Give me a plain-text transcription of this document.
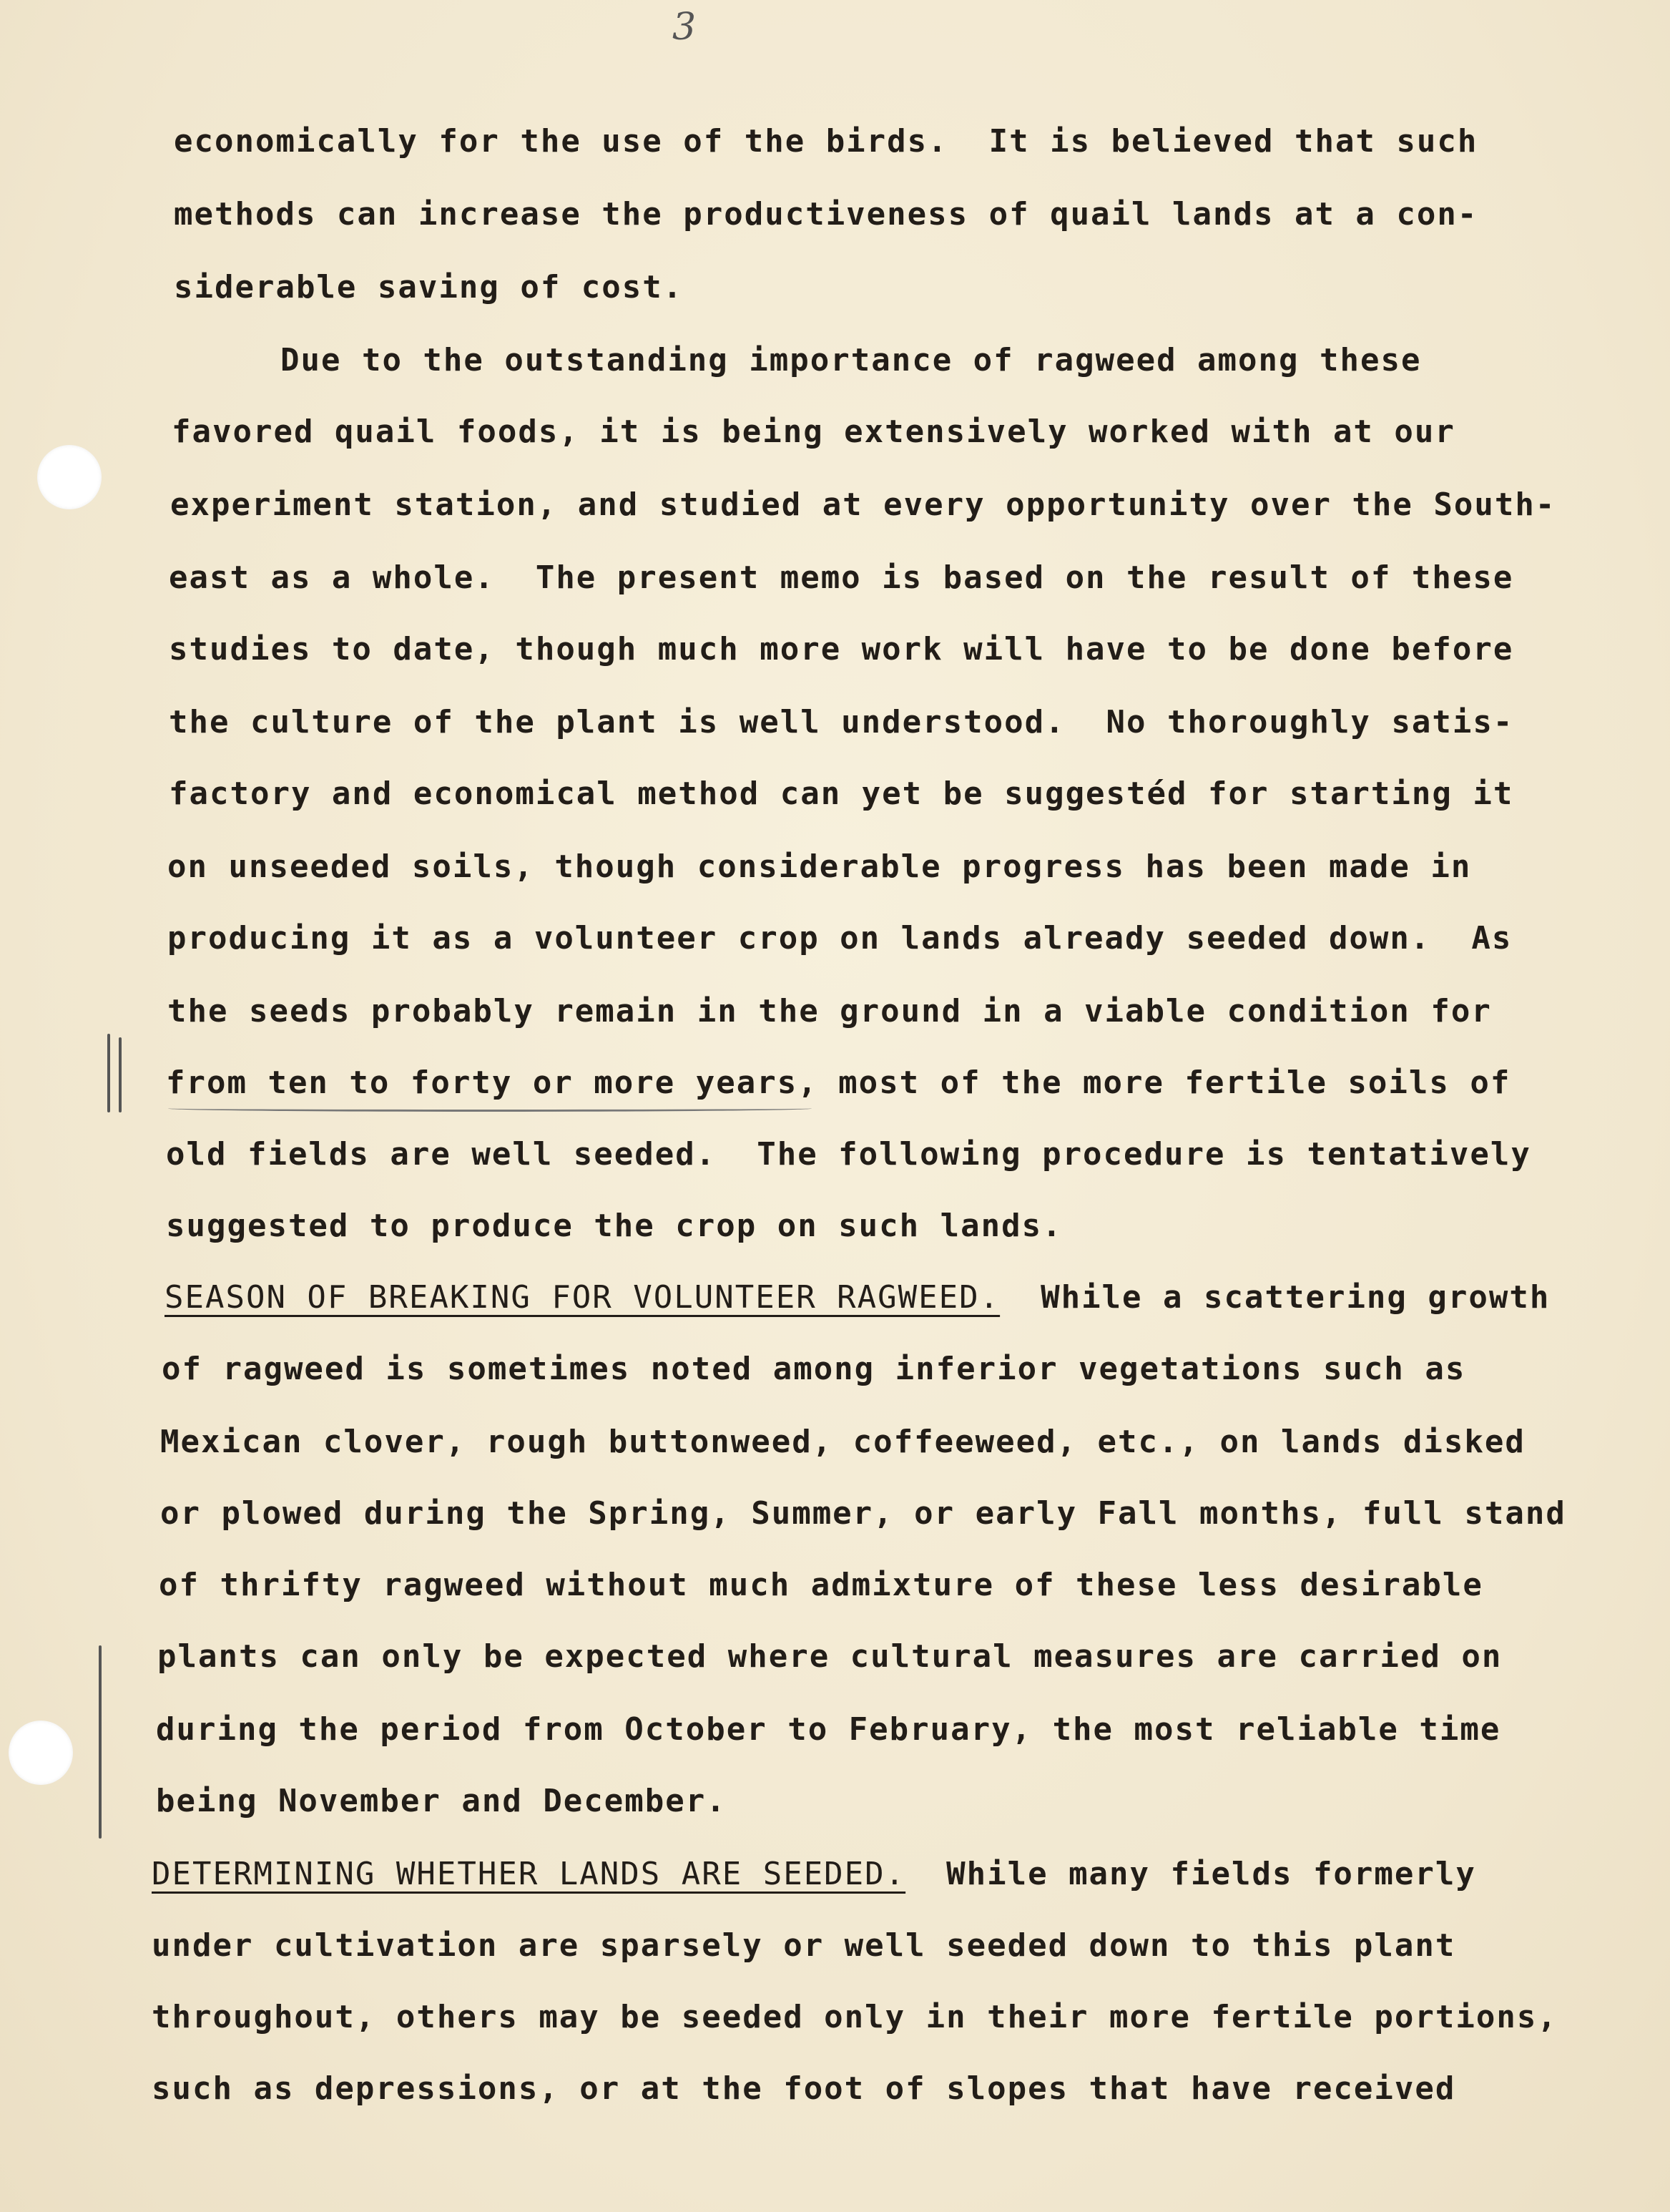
3
economically for the use of the birds.  It is believed that such
methods can increase the productiveness of quail lands at a con-
siderable saving of cost.
Due to the outstanding importance of ragweed among these
favored quail foods, it is being extensively worked with at our
experiment station, and studied at every opportunity over the South-
east as a whole.  The present memo is based on the result of these
studies to date, though much more work will have to be done before
the culture of the plant is well understood.  No thoroughly satis-
factory and economical method can yet be suggestéd for starting it
on unseeded soils, though considerable progress has been made in
producing it as a volunteer crop on lands already seeded down.  As
the seeds probably remain in the ground in a viable condition for
from ten to forty or more years, most of the more fertile soils of
old fields are well seeded.  The following procedure is tentatively
suggested to produce the crop on such lands.
SEASON OF BREAKING FOR VOLUNTEER RAGWEED.  While a scattering growth
of ragweed is sometimes noted among inferior vegetations such as
Mexican clover, rough buttonweed, coffeeweed, etc., on lands disked
or plowed during the Spring, Summer, or early Fall months, full stand
of thrifty ragweed without much admixture of these less desirable
plants can only be expected where cultural measures are carried on
during the period from October to February, the most reliable time
being November and December.
DETERMINING WHETHER LANDS ARE SEEDED.  While many fields formerly
under cultivation are sparsely or well seeded down to this plant
throughout, others may be seeded only in their more fertile portions,
such as depressions, or at the foot of slopes that have received
